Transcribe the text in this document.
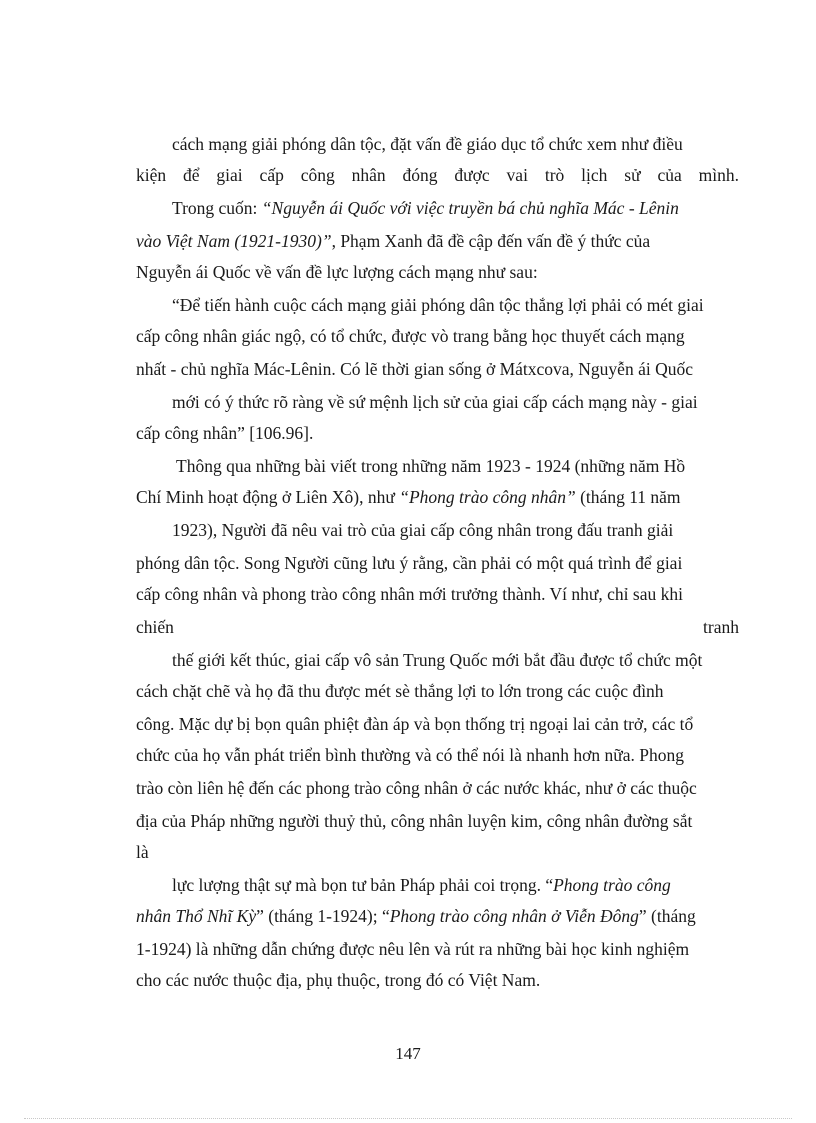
cách mạng giải phóng dân tộc, đặt vấn đề giáo dục tổ chức xem như điều
kiện để giai cấp công nhân đóng được vai trò lịch sử của mình.
Trong cuốn: “Nguyễn ái Quốc với việc truyền bá chủ nghĩa Mác - Lênin
vào Việt Nam (1921-1930)”, Phạm Xanh đã đề cập đến vấn đề ý thức của
Nguyễn ái Quốc về vấn đề lực lượng cách mạng như sau:
“Để tiến hành cuộc cách mạng giải phóng dân tộc thắng lợi phải có mét giai
cấp công nhân giác ngộ, có tổ chức, được vò trang bằng học thuyết cách mạng
nhất - chủ nghĩa Mác-Lênin. Có lẽ thời gian sống ở Mátxcova, Nguyễn ái Quốc
mới có ý thức rõ ràng về sứ mệnh lịch sử của giai cấp cách mạng này - giai
cấp công nhân” [106.96].
Thông qua những bài viết trong những năm 1923 - 1924 (những năm Hồ
Chí Minh hoạt động ở Liên Xô), như “Phong trào công nhân” (tháng 11 năm
1923), Người đã nêu vai trò của giai cấp công nhân trong đấu tranh giải
phóng dân tộc. Song Người cũng lưu ý rằng, cần phải có một quá trình để giai
cấp công nhân và phong trào công nhân mới trưởng thành. Ví như, chỉ sau khi
chiến	tranh
thế giới kết thúc, giai cấp vô sản Trung Quốc mới bắt đầu được tổ chức một
cách chặt chẽ và họ đã thu được mét sè thắng lợi to lớn trong các cuộc đình
công. Mặc dự bị bọn quân phiệt đàn áp và bọn thống trị ngoại lai cản trở, các tổ
chức của họ vẫn phát triển bình thường và có thể nói là nhanh hơn nữa. Phong
trào còn liên hệ đến các phong trào công nhân ở các nước khác, như ở các thuộc
địa của Pháp những người thuỷ thủ, công nhân luyện kim, công nhân đường sắt
là
lực lượng thật sự mà bọn tư bản Pháp phải coi trọng. “Phong trào công
nhân Thổ Nhĩ Kỳ” (tháng 1-1924); “Phong trào công nhân ở Viễn Đông” (tháng
1-1924) là những dẫn chứng được nêu lên và rút ra những bài học kinh nghiệm
cho các nước thuộc địa, phụ thuộc, trong đó có Việt Nam.
147
